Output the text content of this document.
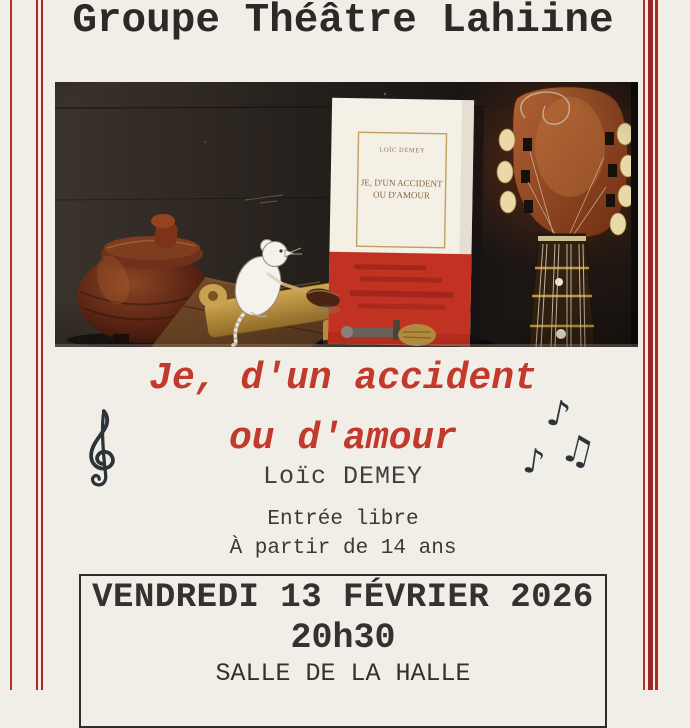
Groupe Théâtre Lahiine
Je, d'un accident
ou d'amour
Loïc DEMEY
♪
♫
♪
Entrée libre
À partir de 14 ans
VENDREDI 13 FÉVRIER 2026
20h30
SALLE DE LA HALLE
